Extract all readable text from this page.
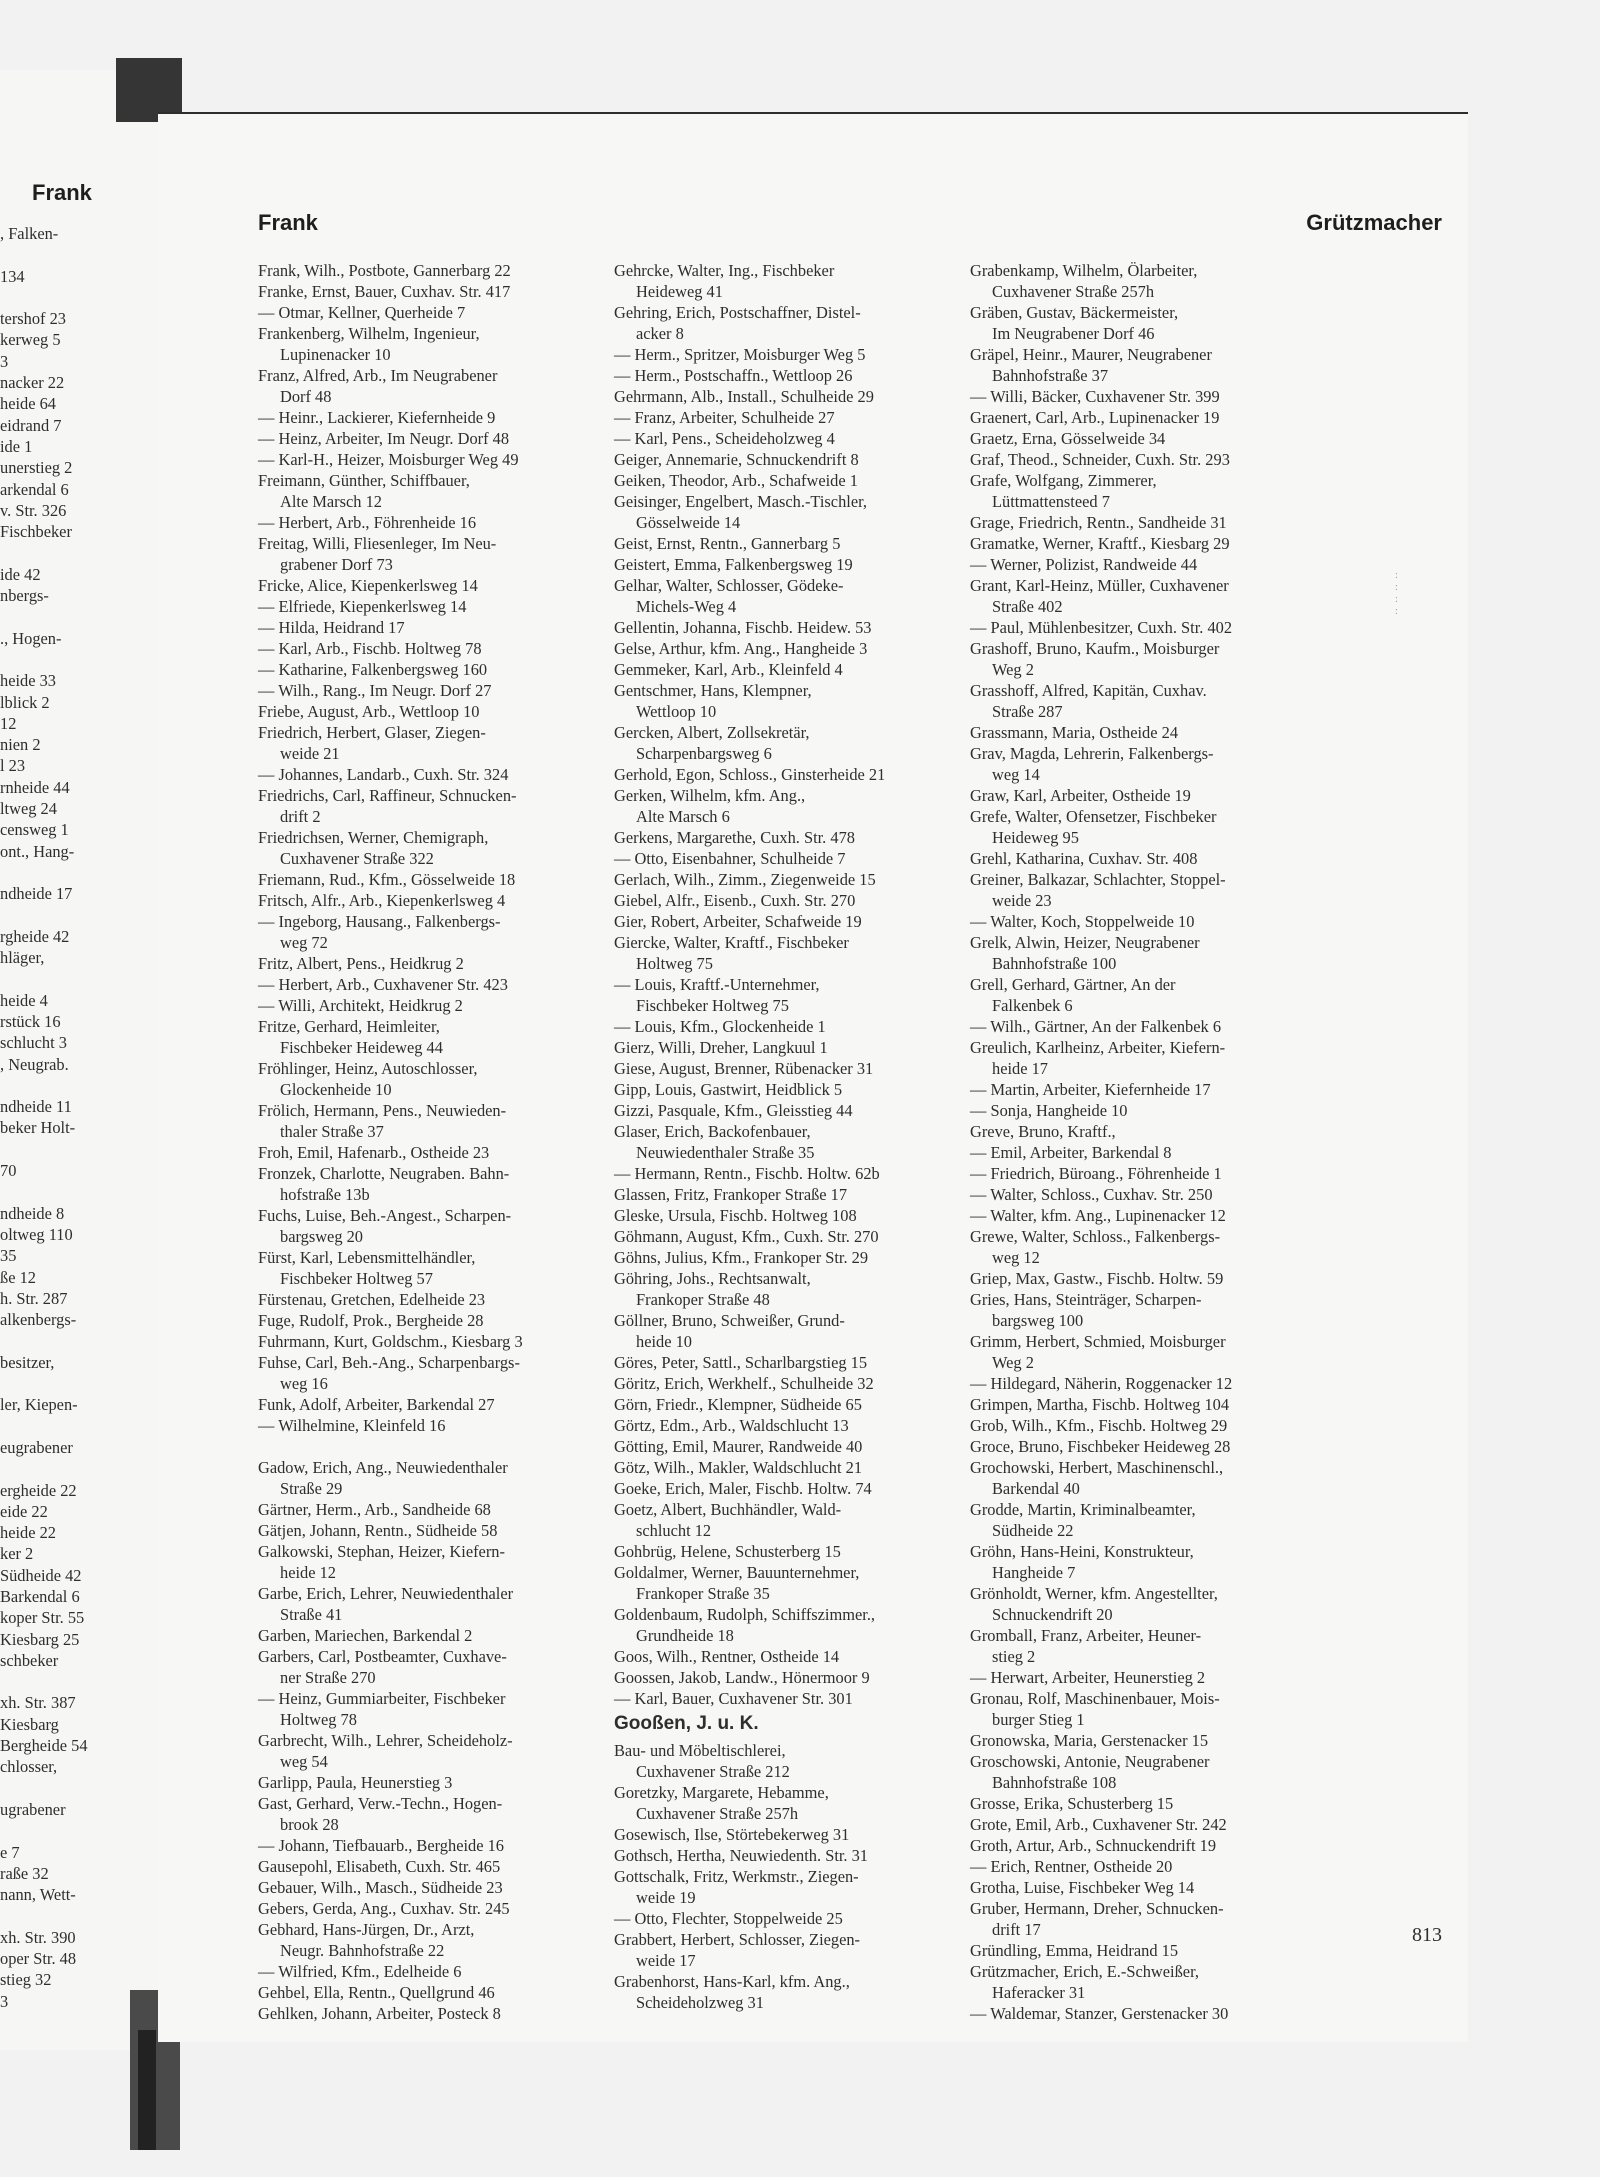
Frank
, Falken-

134

tershof 23
kerweg 5
3
nacker 22
heide 64
eidrand 7
ide 1
unerstieg 2
arkendal 6
v. Str. 326
Fischbeker

ide 42
nbergs-

., Hogen-

heide 33
lblick 2
12
nien 2
l 23
rnheide 44
ltweg 24
censweg 1
ont., Hang-

ndheide 17

rgheide 42
hläger,

heide 4
rstück 16
schlucht 3
, Neugrab.

ndheide 11
beker Holt-

70

ndheide 8
oltweg 110
35
ße 12
h. Str. 287
alkenbergs-

besitzer,

ler, Kiepen-

eugrabener

ergheide 22
eide 22
heide 22
ker 2
Südheide 42
Barkendal 6
koper Str. 55
Kiesbarg 25
schbeker

xh. Str. 387
Kiesbarg
Bergheide 54
chlosser,

ugrabener

e 7
raße 32
nann, Wett-

xh. Str. 390
oper Str. 48
stieg 32
3
Frank	Grützmacher
Frank, Wilh., Postbote, Gannerbarg 22
Franke, Ernst, Bauer, Cuxhav. Str. 417
— Otmar, Kellner, Querheide 7
Frankenberg, Wilhelm, Ingenieur,
Lupinenacker 10
Franz, Alfred, Arb., Im Neugrabener
Dorf 48
— Heinr., Lackierer, Kiefernheide 9
— Heinz, Arbeiter, Im Neugr. Dorf 48
— Karl-H., Heizer, Moisburger Weg 49
Freimann, Günther, Schiffbauer,
Alte Marsch 12
— Herbert, Arb., Föhrenheide 16
Freitag, Willi, Fliesenleger, Im Neu-
grabener Dorf 73
Fricke, Alice, Kiepenkerlsweg 14
— Elfriede, Kiepenkerlsweg 14
— Hilda, Heidrand 17
— Karl, Arb., Fischb. Holtweg 78
— Katharine, Falkenbergsweg 160
— Wilh., Rang., Im Neugr. Dorf 27
Friebe, August, Arb., Wettloop 10
Friedrich, Herbert, Glaser, Ziegen-
weide 21
— Johannes, Landarb., Cuxh. Str. 324
Friedrichs, Carl, Raffineur, Schnucken-
drift 2
Friedrichsen, Werner, Chemigraph,
Cuxhavener Straße 322
Friemann, Rud., Kfm., Gösselweide 18
Fritsch, Alfr., Arb., Kiepenkerlsweg 4
— Ingeborg, Hausang., Falkenbergs-
weg 72
Fritz, Albert, Pens., Heidkrug 2
— Herbert, Arb., Cuxhavener Str. 423
— Willi, Architekt, Heidkrug 2
Fritze, Gerhard, Heimleiter,
Fischbeker Heideweg 44
Fröhlinger, Heinz, Autoschlosser,
Glockenheide 10
Frölich, Hermann, Pens., Neuwieden-
thaler Straße 37
Froh, Emil, Hafenarb., Ostheide 23
Fronzek, Charlotte, Neugraben. Bahn-
hofstraße 13b
Fuchs, Luise, Beh.-Angest., Scharpen-
bargsweg 20
Fürst, Karl, Lebensmittelhändler,
Fischbeker Holtweg 57
Fürstenau, Gretchen, Edelheide 23
Fuge, Rudolf, Prok., Bergheide 28
Fuhrmann, Kurt, Goldschm., Kiesbarg 3
Fuhse, Carl, Beh.-Ang., Scharpenbargs-
weg 16
Funk, Adolf, Arbeiter, Barkendal 27
— Wilhelmine, Kleinfeld 16

Gadow, Erich, Ang., Neuwiedenthaler
Straße 29
Gärtner, Herm., Arb., Sandheide 68
Gätjen, Johann, Rentn., Südheide 58
Galkowski, Stephan, Heizer, Kiefern-
heide 12
Garbe, Erich, Lehrer, Neuwiedenthaler
Straße 41
Garben, Mariechen, Barkendal 2
Garbers, Carl, Postbeamter, Cuxhave-
ner Straße 270
— Heinz, Gummiarbeiter, Fischbeker
Holtweg 78
Garbrecht, Wilh., Lehrer, Scheideholz-
weg 54
Garlipp, Paula, Heunerstieg 3
Gast, Gerhard, Verw.-Techn., Hogen-
brook 28
— Johann, Tiefbauarb., Bergheide 16
Gausepohl, Elisabeth, Cuxh. Str. 465
Gebauer, Wilh., Masch., Südheide 23
Gebers, Gerda, Ang., Cuxhav. Str. 245
Gebhard, Hans-Jürgen, Dr., Arzt,
Neugr. Bahnhofstraße 22
— Wilfried, Kfm., Edelheide 6
Gehbel, Ella, Rentn., Quellgrund 46
Gehlken, Johann, Arbeiter, Posteck 8
Gehrcke, Walter, Ing., Fischbeker
Heideweg 41
Gehring, Erich, Postschaffner, Distel-
acker 8
— Herm., Spritzer, Moisburger Weg 5
— Herm., Postschaffn., Wettloop 26
Gehrmann, Alb., Install., Schulheide 29
— Franz, Arbeiter, Schulheide 27
— Karl, Pens., Scheideholzweg 4
Geiger, Annemarie, Schnuckendrift 8
Geiken, Theodor, Arb., Schafweide 1
Geisinger, Engelbert, Masch.-Tischler,
Gösselweide 14
Geist, Ernst, Rentn., Gannerbarg 5
Geistert, Emma, Falkenbergsweg 19
Gelhar, Walter, Schlosser, Gödeke-
Michels-Weg 4
Gellentin, Johanna, Fischb. Heidew. 53
Gelse, Arthur, kfm. Ang., Hangheide 3
Gemmeker, Karl, Arb., Kleinfeld 4
Gentschmer, Hans, Klempner,
Wettloop 10
Gercken, Albert, Zollsekretär,
Scharpenbargsweg 6
Gerhold, Egon, Schloss., Ginsterheide 21
Gerken, Wilhelm, kfm. Ang.,
Alte Marsch 6
Gerkens, Margarethe, Cuxh. Str. 478
— Otto, Eisenbahner, Schulheide 7
Gerlach, Wilh., Zimm., Ziegenweide 15
Giebel, Alfr., Eisenb., Cuxh. Str. 270
Gier, Robert, Arbeiter, Schafweide 19
Giercke, Walter, Kraftf., Fischbeker
Holtweg 75
— Louis, Kraftf.-Unternehmer,
Fischbeker Holtweg 75
— Louis, Kfm., Glockenheide 1
Gierz, Willi, Dreher, Langkuul 1
Giese, August, Brenner, Rübenacker 31
Gipp, Louis, Gastwirt, Heidblick 5
Gizzi, Pasquale, Kfm., Gleisstieg 44
Glaser, Erich, Backofenbauer,
Neuwiedenthaler Straße 35
— Hermann, Rentn., Fischb. Holtw. 62b
Glassen, Fritz, Frankoper Straße 17
Gleske, Ursula, Fischb. Holtweg 108
Göhmann, August, Kfm., Cuxh. Str. 270
Göhns, Julius, Kfm., Frankoper Str. 29
Göhring, Johs., Rechtsanwalt,
Frankoper Straße 48
Göllner, Bruno, Schweißer, Grund-
heide 10
Göres, Peter, Sattl., Scharlbargstieg 15
Göritz, Erich, Werkhelf., Schulheide 32
Görn, Friedr., Klempner, Südheide 65
Görtz, Edm., Arb., Waldschlucht 13
Götting, Emil, Maurer, Randweide 40
Götz, Wilh., Makler, Waldschlucht 21
Goeke, Erich, Maler, Fischb. Holtw. 74
Goetz, Albert, Buchhändler, Wald-
schlucht 12
Gohbrüg, Helene, Schusterberg 15
Goldalmer, Werner, Bauunternehmer,
Frankoper Straße 35
Goldenbaum, Rudolph, Schiffszimmer.,
Grundheide 18
Goos, Wilh., Rentner, Ostheide 14
Goossen, Jakob, Landw., Hönermoor 9
— Karl, Bauer, Cuxhavener Str. 301
Gooßen, J. u. K.
Bau- und Möbeltischlerei,
Cuxhavener Straße 212
Goretzky, Margarete, Hebamme,
Cuxhavener Straße 257h
Gosewisch, Ilse, Störtebekerweg 31
Gothsch, Hertha, Neuwiedenth. Str. 31
Gottschalk, Fritz, Werkmstr., Ziegen-
weide 19
— Otto, Flechter, Stoppelweide 25
Grabbert, Herbert, Schlosser, Ziegen-
weide 17
Grabenhorst, Hans-Karl, kfm. Ang.,
Scheideholzweg 31
Grabenkamp, Wilhelm, Ölarbeiter,
Cuxhavener Straße 257h
Gräben, Gustav, Bäckermeister,
Im Neugrabener Dorf 46
Gräpel, Heinr., Maurer, Neugrabener
Bahnhofstraße 37
— Willi, Bäcker, Cuxhavener Str. 399
Graenert, Carl, Arb., Lupinenacker 19
Graetz, Erna, Gösselweide 34
Graf, Theod., Schneider, Cuxh. Str. 293
Grafe, Wolfgang, Zimmerer,
Lüttmattensteed 7
Grage, Friedrich, Rentn., Sandheide 31
Gramatke, Werner, Kraftf., Kiesbarg 29
— Werner, Polizist, Randweide 44
Grant, Karl-Heinz, Müller, Cuxhavener
Straße 402
— Paul, Mühlenbesitzer, Cuxh. Str. 402
Grashoff, Bruno, Kaufm., Moisburger
Weg 2
Grasshoff, Alfred, Kapitän, Cuxhav.
Straße 287
Grassmann, Maria, Ostheide 24
Grav, Magda, Lehrerin, Falkenbergs-
weg 14
Graw, Karl, Arbeiter, Ostheide 19
Grefe, Walter, Ofensetzer, Fischbeker
Heideweg 95
Grehl, Katharina, Cuxhav. Str. 408
Greiner, Balkazar, Schlachter, Stoppel-
weide 23
— Walter, Koch, Stoppelweide 10
Grelk, Alwin, Heizer, Neugrabener
Bahnhofstraße 100
Grell, Gerhard, Gärtner, An der
Falkenbek 6
— Wilh., Gärtner, An der Falkenbek 6
Greulich, Karlheinz, Arbeiter, Kiefern-
heide 17
— Martin, Arbeiter, Kiefernheide 17
— Sonja, Hangheide 10
Greve, Bruno, Kraftf.,
— Emil, Arbeiter, Barkendal 8
— Friedrich, Büroang., Föhrenheide 1
— Walter, Schloss., Cuxhav. Str. 250
— Walter, kfm. Ang., Lupinenacker 12
Grewe, Walter, Schloss., Falkenbergs-
weg 12
Griep, Max, Gastw., Fischb. Holtw. 59
Gries, Hans, Steinträger, Scharpen-
bargsweg 100
Grimm, Herbert, Schmied, Moisburger
Weg 2
— Hildegard, Näherin, Roggenacker 12
Grimpen, Martha, Fischb. Holtweg 104
Grob, Wilh., Kfm., Fischb. Holtweg 29
Groce, Bruno, Fischbeker Heideweg 28
Grochowski, Herbert, Maschinenschl.,
Barkendal 40
Grodde, Martin, Kriminalbeamter,
Südheide 22
Gröhn, Hans-Heini, Konstrukteur,
Hangheide 7
Grönholdt, Werner, kfm. Angestellter,
Schnuckendrift 20
Gromball, Franz, Arbeiter, Heuner-
stieg 2
— Herwart, Arbeiter, Heunerstieg 2
Gronau, Rolf, Maschinenbauer, Mois-
burger Stieg 1
Gronowska, Maria, Gerstenacker 15
Groschowski, Antonie, Neugrabener
Bahnhofstraße 108
Grosse, Erika, Schusterberg 15
Grote, Emil, Arb., Cuxhavener Str. 242
Groth, Artur, Arb., Schnuckendrift 19
— Erich, Rentner, Ostheide 20
Grotha, Luise, Fischbeker Weg 14
Gruber, Hermann, Dreher, Schnucken-
drift 17
Gründling, Emma, Heidrand 15
Grützmacher, Erich, E.-Schweißer,
Haferacker 31
— Waldemar, Stanzer, Gerstenacker 30
813
:
:
:
:
